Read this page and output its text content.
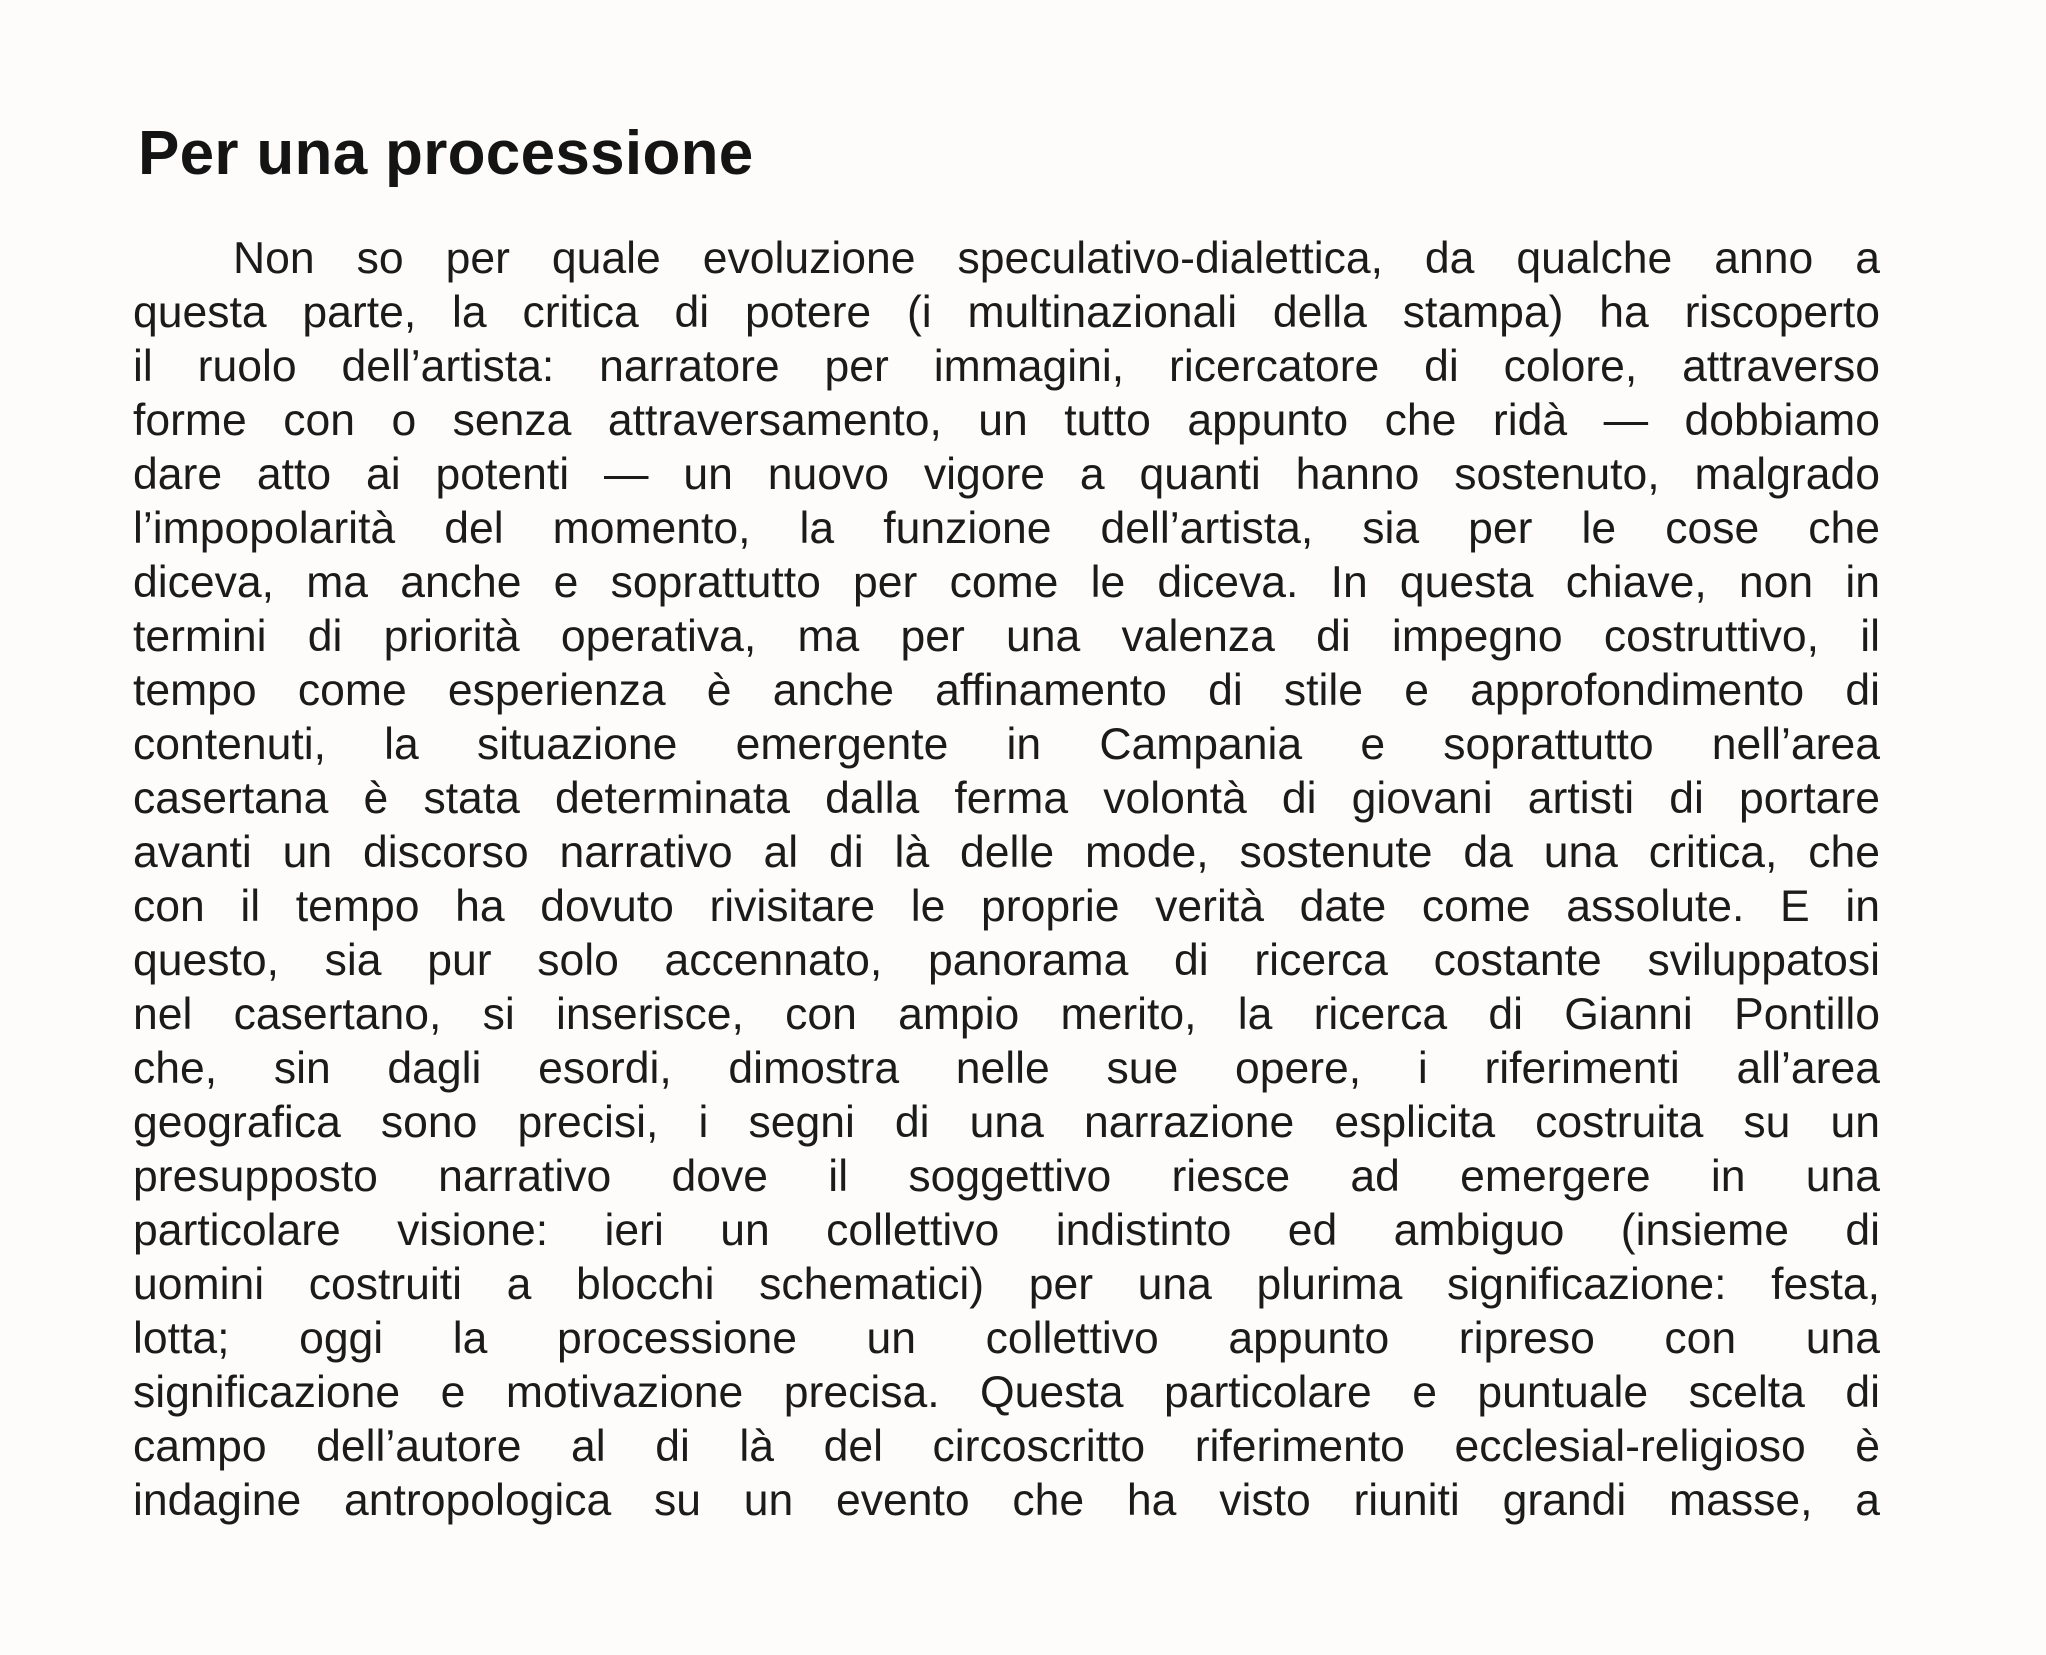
Per una processione
Non so per quale evoluzione speculativo-dialettica, da qualche anno a
questa parte, la critica di potere (i multinazionali della stampa) ha riscoperto
il ruolo dell’artista: narratore per immagini, ricercatore di colore, attraverso
forme con o senza attraversamento, un tutto appunto che ridà — dobbiamo
dare atto ai potenti — un nuovo vigore a quanti hanno sostenuto, malgrado
l’impopolarità del momento, la funzione dell’artista, sia per le cose che
diceva, ma anche e soprattutto per come le diceva. In questa chiave, non in
termini di priorità operativa, ma per una valenza di impegno costruttivo, il
tempo come esperienza è anche affinamento di stile e approfondimento di
contenuti, la situazione emergente in Campania e soprattutto nell’area
casertana è stata determinata dalla ferma volontà di giovani artisti di portare
avanti un discorso narrativo al di là delle mode, sostenute da una critica, che
con il tempo ha dovuto rivisitare le proprie verità date come assolute. E in
questo, sia pur solo accennato, panorama di ricerca costante sviluppatosi
nel casertano, si inserisce, con ampio merito, la ricerca di Gianni Pontillo
che, sin dagli esordi, dimostra nelle sue opere, i riferimenti all’area
geografica sono precisi, i segni di una narrazione esplicita costruita su un
presupposto narrativo dove il soggettivo riesce ad emergere in una
particolare visione: ieri un collettivo indistinto ed ambiguo (insieme di
uomini costruiti a blocchi schematici) per una plurima significazione: festa,
lotta; oggi la processione un collettivo appunto ripreso con una
significazione e motivazione precisa. Questa particolare e puntuale scelta di
campo dell’autore al di là del circoscritto riferimento ecclesial-religioso è
indagine antropologica su un evento che ha visto riuniti grandi masse, a
